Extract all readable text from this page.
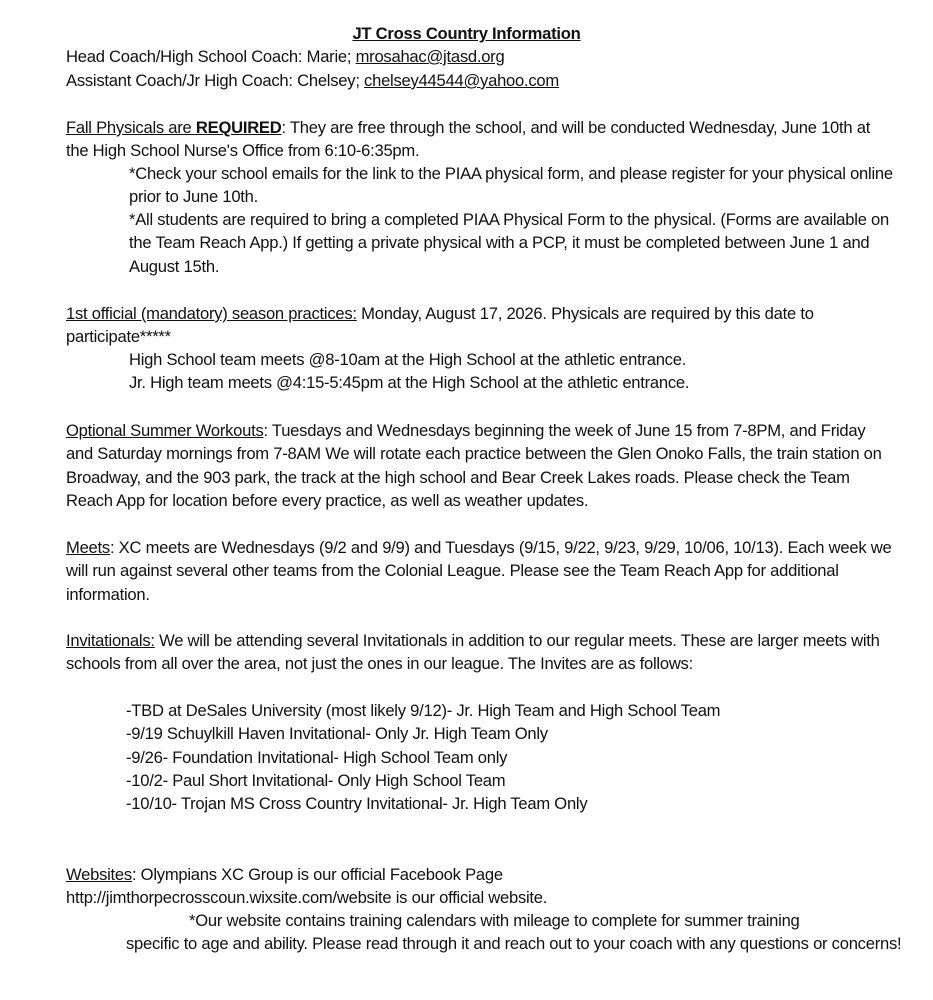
JT Cross Country Information
Head Coach/High School Coach: Marie; mrosahac@jtasd.org
Assistant Coach/Jr High Coach: Chelsey; chelsey44544@yahoo.com
Fall Physicals are REQUIRED: They are free through the school, and will be conducted Wednesday, June 10th at the High School Nurse's Office from 6:10-6:35pm.
*Check your school emails for the link to the PIAA physical form, and please register for your physical online prior to June 10th.
*All students are required to bring a completed PIAA Physical Form to the physical. (Forms are available on the Team Reach App.) If getting a private physical with a PCP, it must be completed between June 1 and August 15th.
1st official (mandatory) season practices: Monday, August 17, 2026. Physicals are required by this date to participate*****
High School team meets @8-10am at the High School at the athletic entrance.
Jr. High team meets @4:15-5:45pm at the High School at the athletic entrance.
Optional Summer Workouts: Tuesdays and Wednesdays beginning the week of June 15 from 7-8PM, and Friday and Saturday mornings from 7-8AM We will rotate each practice between the Glen Onoko Falls, the train station on Broadway, and the 903 park, the track at the high school and Bear Creek Lakes roads. Please check the Team Reach App for location before every practice, as well as weather updates.
Meets: XC meets are Wednesdays (9/2 and 9/9) and Tuesdays (9/15, 9/22, 9/23, 9/29, 10/06, 10/13). Each week we will run against several other teams from the Colonial League. Please see the Team Reach App for additional information.
Invitationals: We will be attending several Invitationals in addition to our regular meets. These are larger meets with schools from all over the area, not just the ones in our league. The Invites are as follows:
-TBD at DeSales University (most likely 9/12)- Jr. High Team and High School Team
-9/19 Schuylkill Haven Invitational- Only Jr. High Team Only
-9/26- Foundation Invitational- High School Team only
-10/2- Paul Short Invitational- Only High School Team
-10/10- Trojan MS Cross Country Invitational- Jr. High Team Only
Websites: Olympians XC Group is our official Facebook Page
http://jimthorpecrosscoun.wixsite.com/website is our official website.
*Our website contains training calendars with mileage to complete for summer training
specific to age and ability. Please read through it and reach out to your coach with any questions or concerns!
